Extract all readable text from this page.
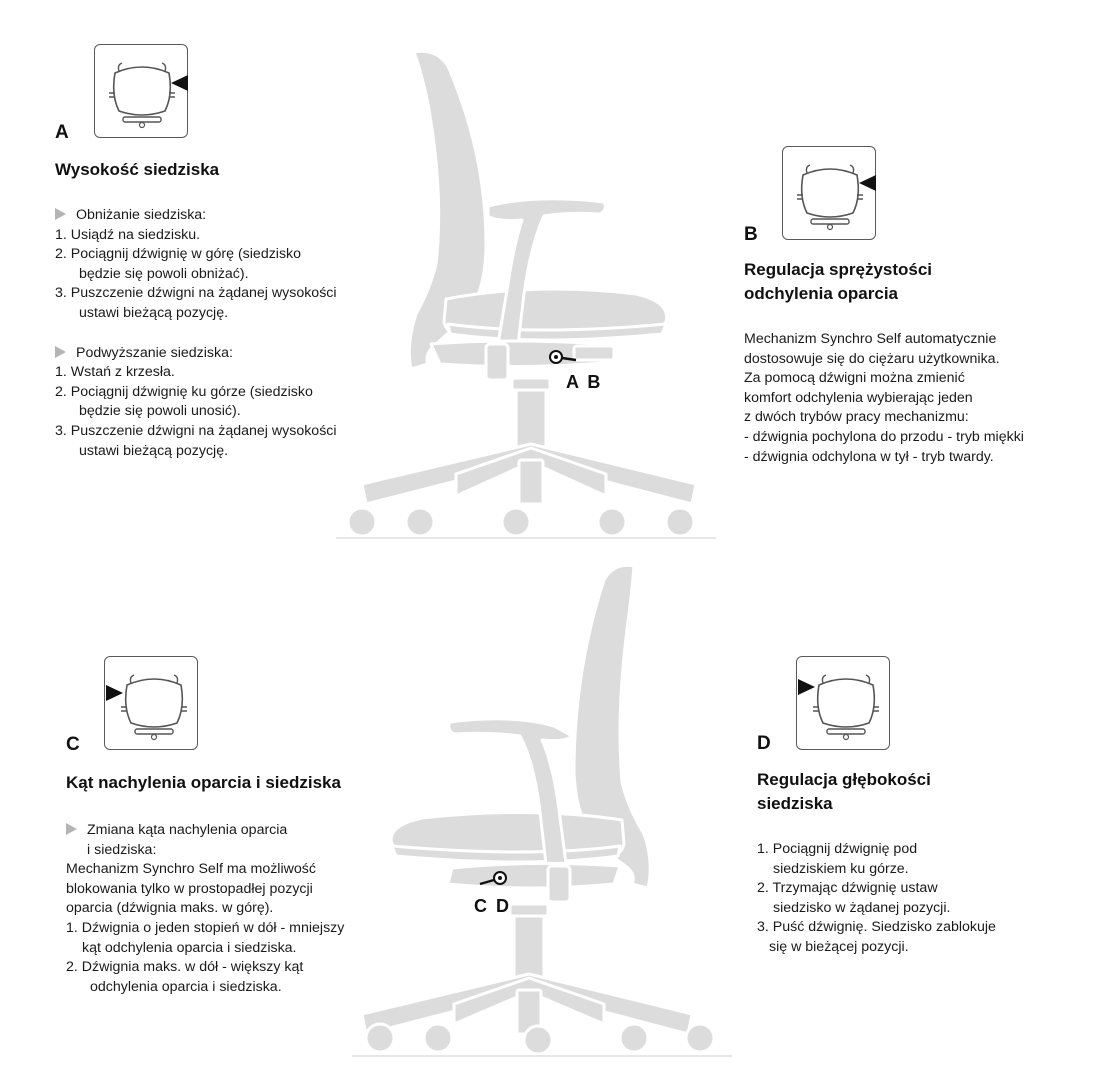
A
Wysokość siedziska
Obniżanie siedziska:
1. Usiądź na siedzisku.
2. Pociągnij dźwignię w górę (siedzisko
będzie się powoli obniżać).
3. Puszczenie dźwigni na żądanej wysokości
ustawi bieżącą pozycję.
Podwyższanie siedziska:
1. Wstań z krzesła.
2. Pociągnij dźwignię ku górze (siedzisko
będzie się powoli unosić).
3. Puszczenie dźwigni na żądanej wysokości
ustawi bieżącą pozycję.
A B
B
Regulacja sprężystości
odchylenia oparcia
Mechanizm Synchro Self automatycznie
dostosowuje się do ciężaru użytkownika.
Za pomocą dźwigni można zmienić
komfort odchylenia wybierając jeden
z dwóch trybów pracy mechanizmu:
- dźwignia pochylona do przodu - tryb miękki
- dźwignia odchylona w tył - tryb twardy.
C
Kąt nachylenia oparcia i siedziska
Zmiana kąta nachylenia oparcia
i siedziska:
Mechanizm Synchro Self ma możliwość
blokowania tylko w prostopadłej pozycji
oparcia (dźwignia maks. w górę).
1. Dźwignia o jeden stopień w dół - mniejszy
kąt odchylenia oparcia i siedziska.
2. Dźwignia maks. w dół - większy kąt
odchylenia oparcia i siedziska.
C D
D
Regulacja głębokości
siedziska
1. Pociągnij dźwignię pod
siedziskiem ku górze.
2. Trzymając dźwignię ustaw
siedzisko w żądanej pozycji.
3. Puść dźwignię. Siedzisko zablokuje
się w bieżącej pozycji.
